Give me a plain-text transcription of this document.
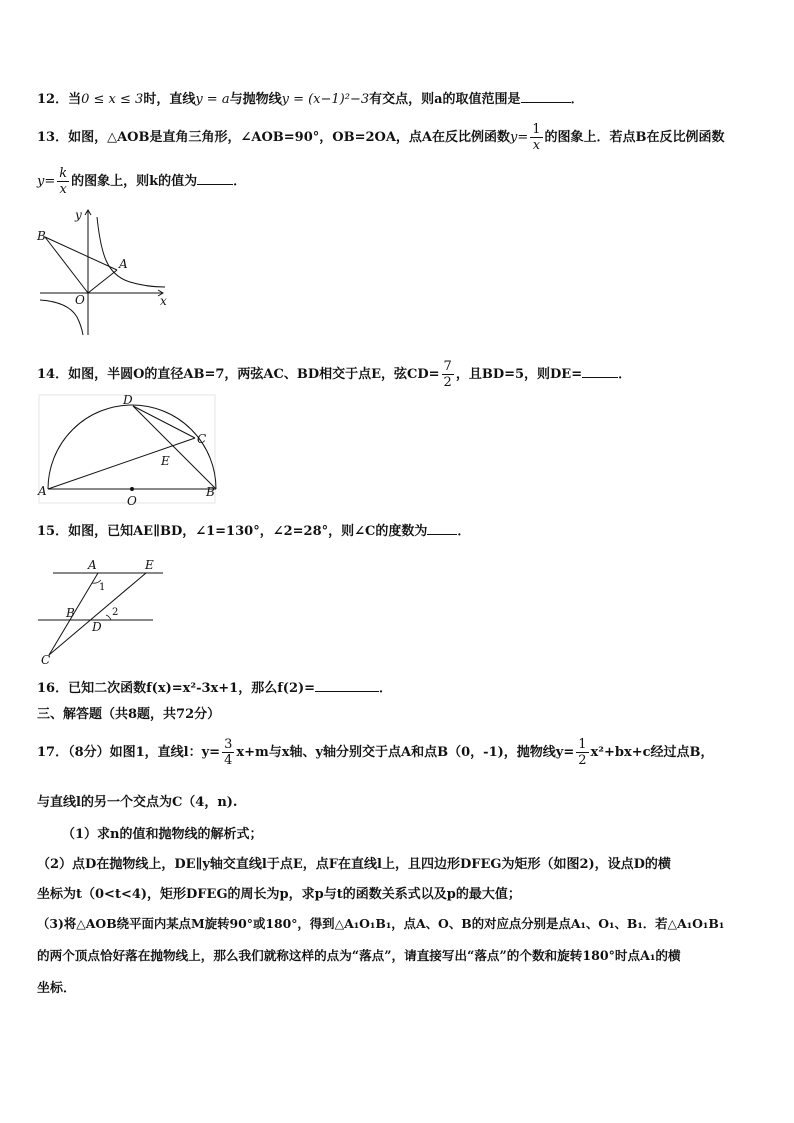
12．当0 ≤ x ≤ 3时，直线y = a与抛物线y = (x−1)²−3有交点，则a的取值范围是	．
13．如图，△AOB是直角三角形，∠AOB=90°，OB=2OA，点A在反比例函数$y= \frac{1}{x}$ 的图象上．若点B在反比例函数
$y= \frac{k}{x}$ 的图象上，则k的值为	．
y
x
B
A
O
14．如图，半圆O的直径AB=7，两弦AC、BD相交于点E，弦$CD= \frac{7}{2}$ ，且BD=5，则DE=	．
D
C
E
A
O
B
15．如图，已知AE∥BD，∠1=130°，∠2=28°，则∠C的度数为 ．
A	E
1
B	2
D
C
16．已知二次函数f(x)=x²-3x+1，那么f(2)=	．
三、解答题（共8题，共72分）
17．（8分）如图1，直线l：$y= \frac{3}{4} x+m$与x轴、y轴分别交于点A和点B（0，-1)，抛物线$y= \frac{1}{2} x^2+bx+c$经过点B，
与直线l的另一个交点为C（4，n).
（1）求n的值和抛物线的解析式；
（2）点D在抛物线上，DE∥y轴交直线l于点E，点F在直线l上，且四边形DFEG为矩形（如图2)，设点D的横
坐标为t（0<t<4)，矩形DFEG的周长为p，求p与t的函数关系式以及p的最大值；
（3)将△AOB绕平面内某点M旋转90°或180°，得到△A₁O₁B₁，点A、O、B的对应点分别是点A₁、O₁、B₁．若△A₁O₁B₁
的两个顶点恰好落在抛物线上，那么我们就称这样的点为“落点”，请直接写出“落点”的个数和旋转180°时点A₁的横
坐标．
